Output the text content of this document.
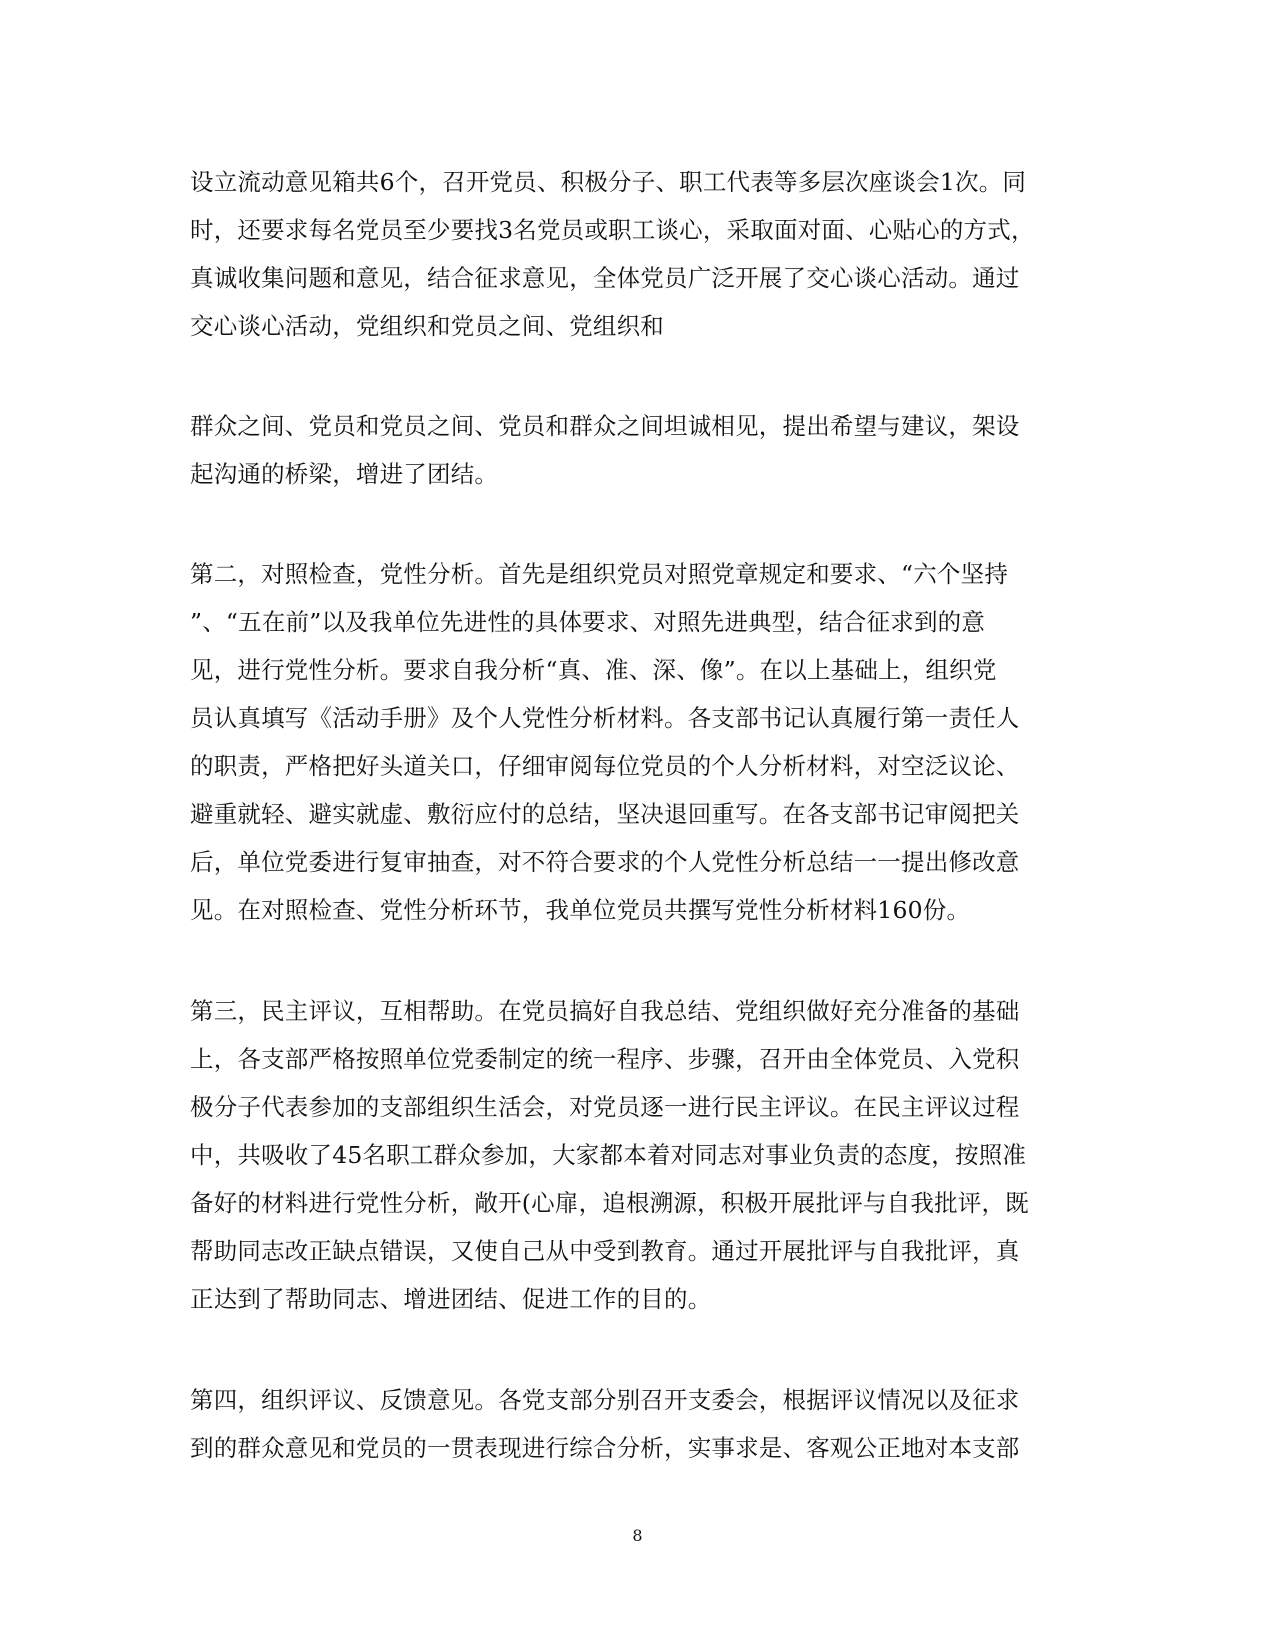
设立流动意见箱共6个，召开党员、积极分子、职工代表等多层次座谈会1次。同
时，还要求每名党员至少要找3名党员或职工谈心，采取面对面、心贴心的方式，
真诚收集问题和意见，结合征求意见，全体党员广泛开展了交心谈心活动。通过
交心谈心活动，党组织和党员之间、党组织和
群众之间、党员和党员之间、党员和群众之间坦诚相见，提出希望与建议，架设
起沟通的桥梁，增进了团结。
第二，对照检查，党性分析。首先是组织党员对照党章规定和要求、“六个坚持
”、“五在前”以及我单位先进性的具体要求、对照先进典型，结合征求到的意
见，进行党性分析。要求自我分析“真、准、深、像”。在以上基础上，组织党
员认真填写《活动手册》及个人党性分析材料。各支部书记认真履行第一责任人
的职责，严格把好头道关口，仔细审阅每位党员的个人分析材料，对空泛议论、
避重就轻、避实就虚、敷衍应付的总结，坚决退回重写。在各支部书记审阅把关
后，单位党委进行复审抽查，对不符合要求的个人党性分析总结一一提出修改意
见。在对照检查、党性分析环节，我单位党员共撰写党性分析材料160份。
第三，民主评议，互相帮助。在党员搞好自我总结、党组织做好充分准备的基础
上，各支部严格按照单位党委制定的统一程序、步骤，召开由全体党员、入党积
极分子代表参加的支部组织生活会，对党员逐一进行民主评议。在民主评议过程
中，共吸收了45名职工群众参加，大家都本着对同志对事业负责的态度，按照准
备好的材料进行党性分析，敞开(心扉，追根溯源，积极开展批评与自我批评，既
帮助同志改正缺点错误，又使自己从中受到教育。通过开展批评与自我批评，真
正达到了帮助同志、增进团结、促进工作的目的。
第四，组织评议、反馈意见。各党支部分别召开支委会，根据评议情况以及征求
到的群众意见和党员的一贯表现进行综合分析，实事求是、客观公正地对本支部
8
